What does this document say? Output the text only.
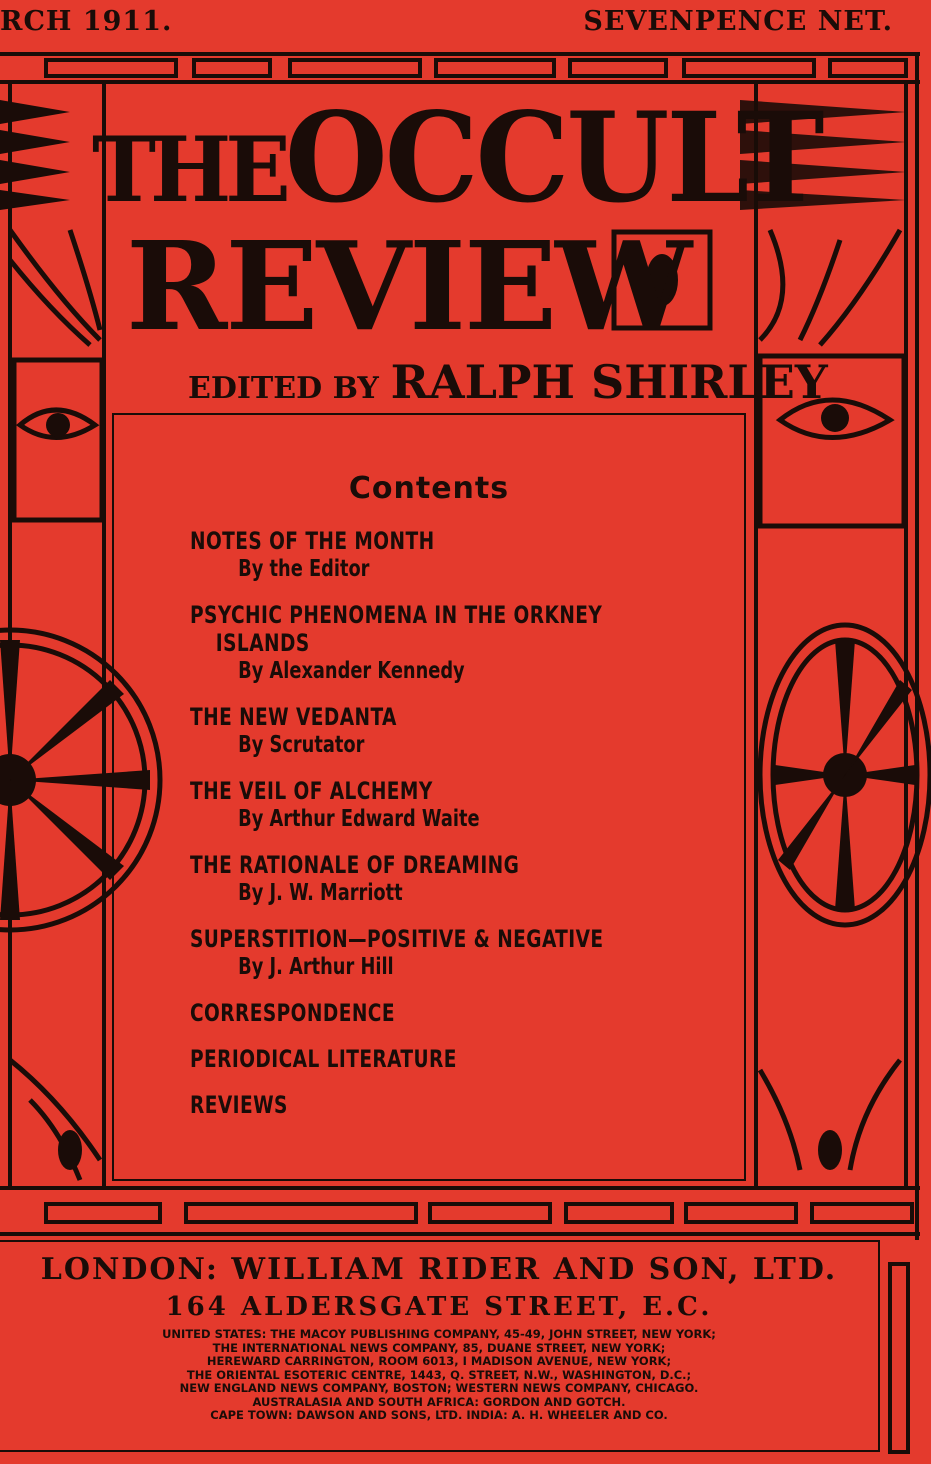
RCH 1911.	SEVENPENCE NET.
THEOCCULT
REVIEW
EDITED BY RALPH SHIRLEY
Contents
NOTES OF THE MONTH
By the Editor
PSYCHIC PHENOMENA IN THE ORKNEY
ISLANDS
By Alexander Kennedy
THE NEW VEDANTA
By Scrutator
THE VEIL OF ALCHEMY
By Arthur Edward Waite
THE RATIONALE OF DREAMING
By J. W. Marriott
SUPERSTITION—POSITIVE & NEGATIVE
By J. Arthur Hill
CORRESPONDENCE
PERIODICAL LITERATURE
REVIEWS
LONDON: WILLIAM RIDER AND SON, LTD.
164 ALDERSGATE STREET, E.C.
UNITED STATES: THE MACOY PUBLISHING COMPANY, 45-49, JOHN STREET, NEW YORK;
THE INTERNATIONAL NEWS COMPANY, 85, DUANE STREET, NEW YORK;
HEREWARD CARRINGTON, ROOM 6013, I MADISON AVENUE, NEW YORK;
THE ORIENTAL ESOTERIC CENTRE, 1443, Q. STREET, N.W., WASHINGTON, D.C.;
NEW ENGLAND NEWS COMPANY, BOSTON; WESTERN NEWS COMPANY, CHICAGO.
AUSTRALASIA AND SOUTH AFRICA: GORDON AND GOTCH.
CAPE TOWN: DAWSON AND SONS, LTD. INDIA: A. H. WHEELER AND CO.
